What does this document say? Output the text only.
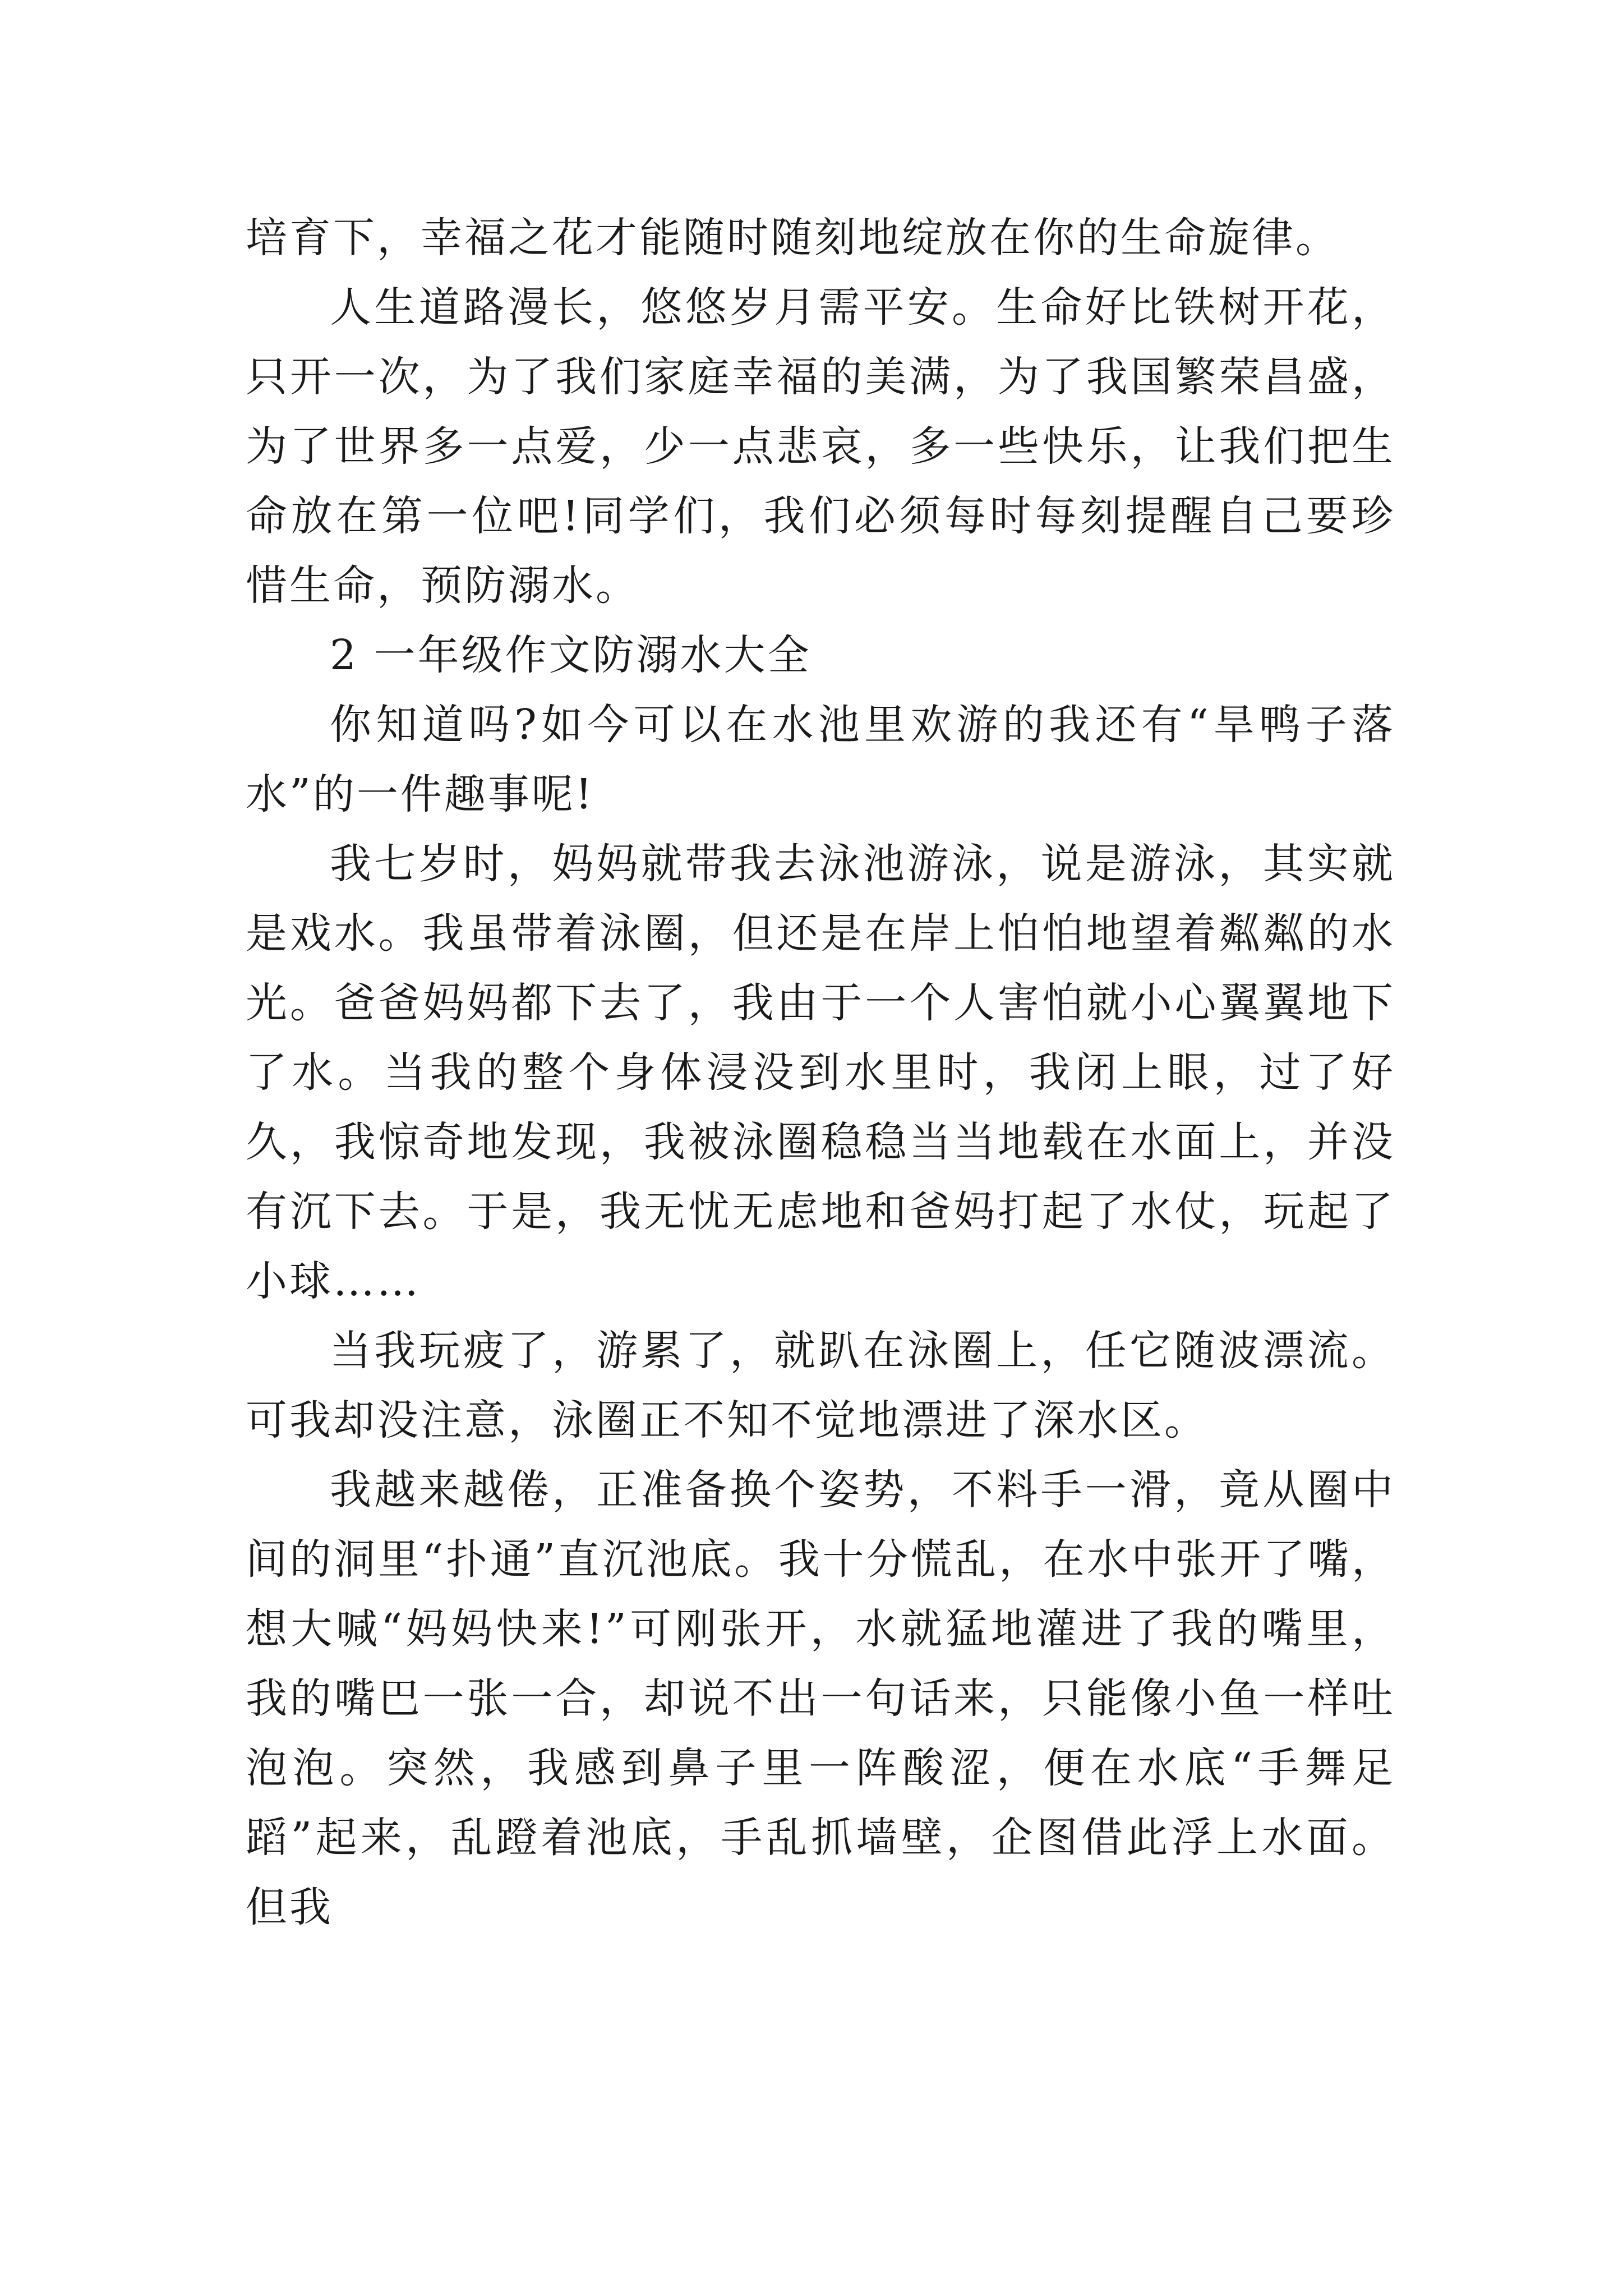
培育下，幸福之花才能随时随刻地绽放在你的生命旋律。

人生道路漫长，悠悠岁月需平安。生命好比铁树开花，只开一次，为了我们家庭幸福的美满，为了我国繁荣昌盛，为了世界多一点爱，少一点悲哀，多一些快乐，让我们把生命放在第一位吧!同学们，我们必须每时每刻提醒自己要珍惜生命，预防溺水。

2 一年级作文防溺水大全

你知道吗?如今可以在水池里欢游的我还有“旱鸭子落水”的一件趣事呢!

我七岁时，妈妈就带我去泳池游泳，说是游泳，其实就是戏水。我虽带着泳圈，但还是在岸上怕怕地望着粼粼的水光。爸爸妈妈都下去了，我由于一个人害怕就小心翼翼地下了水。当我的整个身体浸没到水里时，我闭上眼，过了好久，我惊奇地发现，我被泳圈稳稳当当地载在水面上，并没有沉下去。于是，我无忧无虑地和爸妈打起了水仗，玩起了小球……

当我玩疲了，游累了，就趴在泳圈上，任它随波漂流。可我却没注意，泳圈正不知不觉地漂进了深水区。

我越来越倦，正准备换个姿势，不料手一滑，竟从圈中间的洞里“扑通”直沉池底。我十分慌乱，在水中张开了嘴，想大喊“妈妈快来!”可刚张开，水就猛地灌进了我的嘴里，我的嘴巴一张一合，却说不出一句话来，只能像小鱼一样吐泡泡。突然，我感到鼻子里一阵酸涩，便在水底“手舞足蹈”起来，乱蹬着池底，手乱抓墙壁，企图借此浮上水面。但我
